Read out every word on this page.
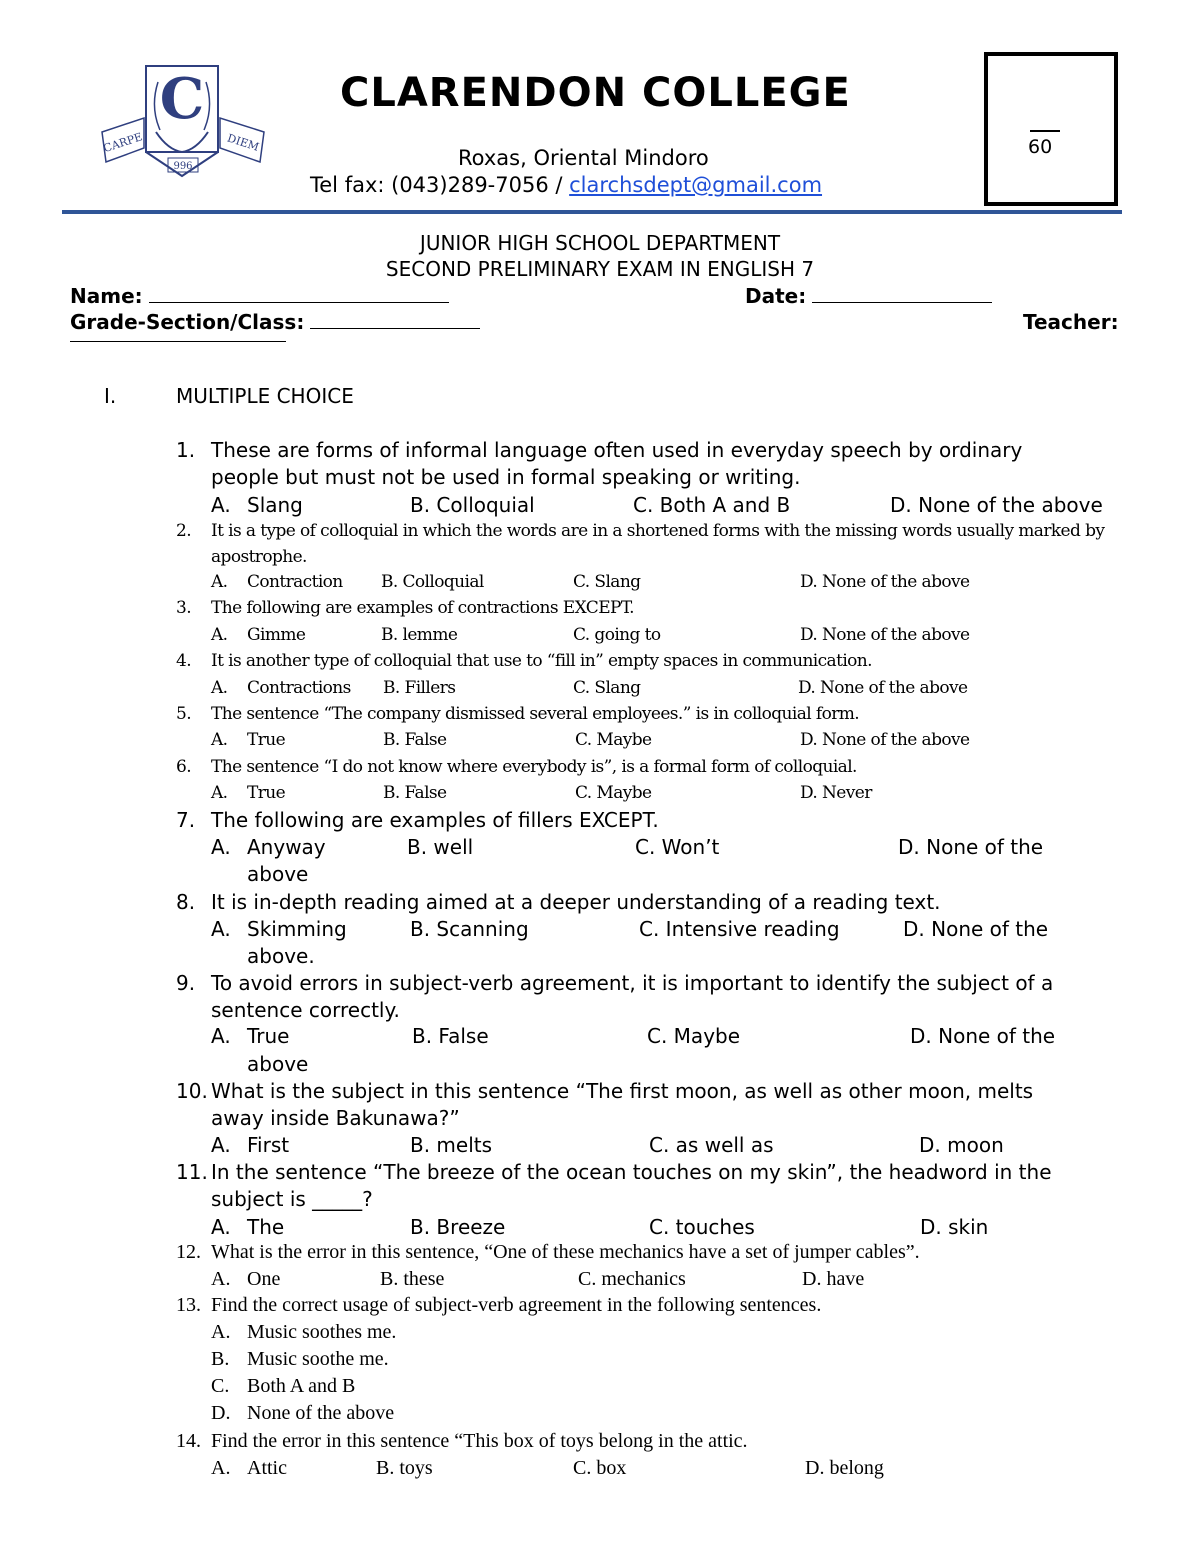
C
CARPE	DIEM
996
CLARENDON COLLEGE
Roxas, Oriental Mindoro
Tel fax: (043)289-7056 / clarchsdept@gmail.com
60
JUNIOR HIGH SCHOOL DEPARTMENT
SECOND PRELIMINARY EXAM IN ENGLISH 7
Name:	Date:
Grade-Section/Class:	Teacher:
I.	MULTIPLE CHOICE
1. These are forms of informal language often used in everyday speech by ordinary
people but must not be used in formal speaking or writing.
A. Slang	B. Colloquial	C. Both A and B	D. None of the above
2. It is a type of colloquial in which the words are in a shortened forms with the missing words usually marked by
apostrophe.
A. Contraction B. Colloquial	C. Slang	D. None of the above
3. The following are examples of contractions EXCEPT.
A. Gimme	B. lemme	C. going to	D. None of the above
4. It is another type of colloquial that use to “fill in” empty spaces in communication.
A. Contractions B. Fillers	C. Slang	D. None of the above
5. The sentence “The company dismissed several employees.” is in colloquial form.
A. True	B. False	C. Maybe	D. None of the above
6. The sentence “I do not know where everybody is”, is a formal form of colloquial.
A. True	B. False	C. Maybe	D. Never
7. The following are examples of fillers EXCEPT.
A. Anyway	B. well	C. Won’t	D. None of the
above
8. It is in-depth reading aimed at a deeper understanding of a reading text.
A. Skimming	B. Scanning	C. Intensive reading	D. None of the
above.
9. To avoid errors in subject-verb agreement, it is important to identify the subject of a
sentence correctly.
A. True	B. False	C. Maybe	D. None of the
above
10. What is the subject in this sentence “The first moon, as well as other moon, melts
away inside Bakunawa?”
A. First	B. melts	C. as well as	D. moon
11. In the sentence “The breeze of the ocean touches on my skin”, the headword in the
subject is _____?
A. The	B. Breeze	C. touches	D. skin
12. What is the error in this sentence, “One of these mechanics have a set of jumper cables”.
A. One	B. these	C. mechanics	D. have
13. Find the correct usage of subject-verb agreement in the following sentences.
A. Music soothes me.
B. Music soothe me.
C. Both A and B
D. None of the above
14. Find the error in this sentence “This box of toys belong in the attic.
A. Attic	B. toys	C. box	D. belong
